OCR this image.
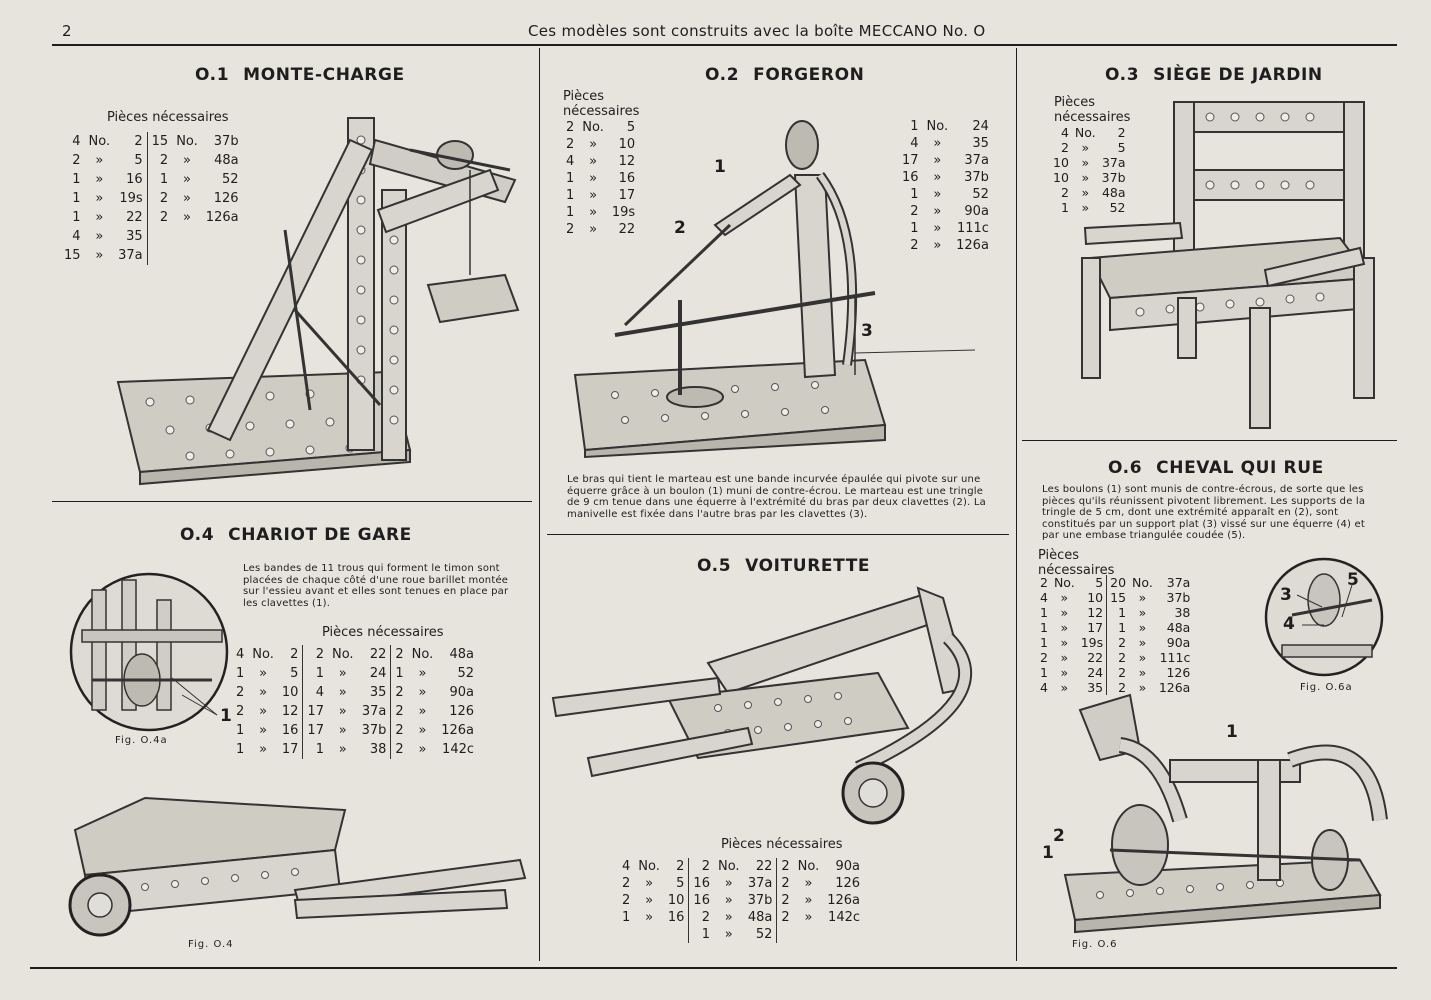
2	Ces modèles sont construits avec la boîte MECCANO No. O
O.1 MONTE-CHARGE
Pièces nécessaires
4	No.	2	15	No.	37b
2	»	5	2	»	48a
1	»	16	1	»	52
1	»	19s	2	»	126
1	»	22	2	»	126a
4	»	35			
15	»	37a			
O.2 FORGERON
Pièces
nécessaires
2	No.	5
2	»	10
4	»	12
1	»	16
1	»	17
1	»	19s
2	»	22
1	No.	24
4	»	35
17	»	37a
16	»	37b
1	»	52
2	»	90a
1	»	111c
2	»	126a
1
2
3
Le bras qui tient le marteau est une bande incurvée épaulée qui pivote sur une équerre grâce à un boulon (1) muni de contre-écrou. Le marteau est une tringle de 9 cm tenue dans une équerre à l'extrémité du bras par deux clavettes (2). La manivelle est fixée dans l'autre bras par les clavettes (3).
O.3 SIÈGE DE JARDIN
Pièces
nécessaires
4	No.	2
2	»	5
10	»	37a
10	»	37b
2	»	48a
1	»	52
O.4 CHARIOT DE GARE
Les bandes de 11 trous qui forment le timon sont placées de chaque côté d'une roue barillet montée sur l'essieu avant et elles sont tenues en place par les clavettes (1).
Pièces nécessaires
4	No.	2	2	No.	22	2	No.	48a
1	»	5	1	»	24	1	»	52
2	»	10	4	»	35	2	»	90a
2	»	12	17	»	37a	2	»	126
1	»	16	17	»	37b	2	»	126a
1	»	17	1	»	38	2	»	142c
1
Fig. O.4a
Fig. O.4
O.5 VOITURETTE
Pièces nécessaires
4	No.	2	2	No.	22	2	No.	90a
2	»	5	16	»	37a	2	»	126
2	»	10	16	»	37b	2	»	126a
1	»	16	2	»	48a	2	»	142c
			1	»	52			
O.6 CHEVAL QUI RUE
Les boulons (1) sont munis de contre-écrous, de sorte que les pièces qu'ils réunissent pivotent librement. Les supports de la tringle de 5 cm, dont une extrémité apparaît en (2), sont constitués par un support plat (3) vissé sur une équerre (4) et par une embase triangulée coudée (5).
Pièces
nécessaires
2	No.	5	20	No.	37a
4	»	10	15	»	37b
1	»	12	1	»	38
1	»	17	1	»	48a
1	»	19s	2	»	90a
2	»	22	2	»	111c
1	»	24	2	»	126
4	»	35	2	»	126a
3
4
5
Fig. O.6a
1
2
1
Fig. O.6
